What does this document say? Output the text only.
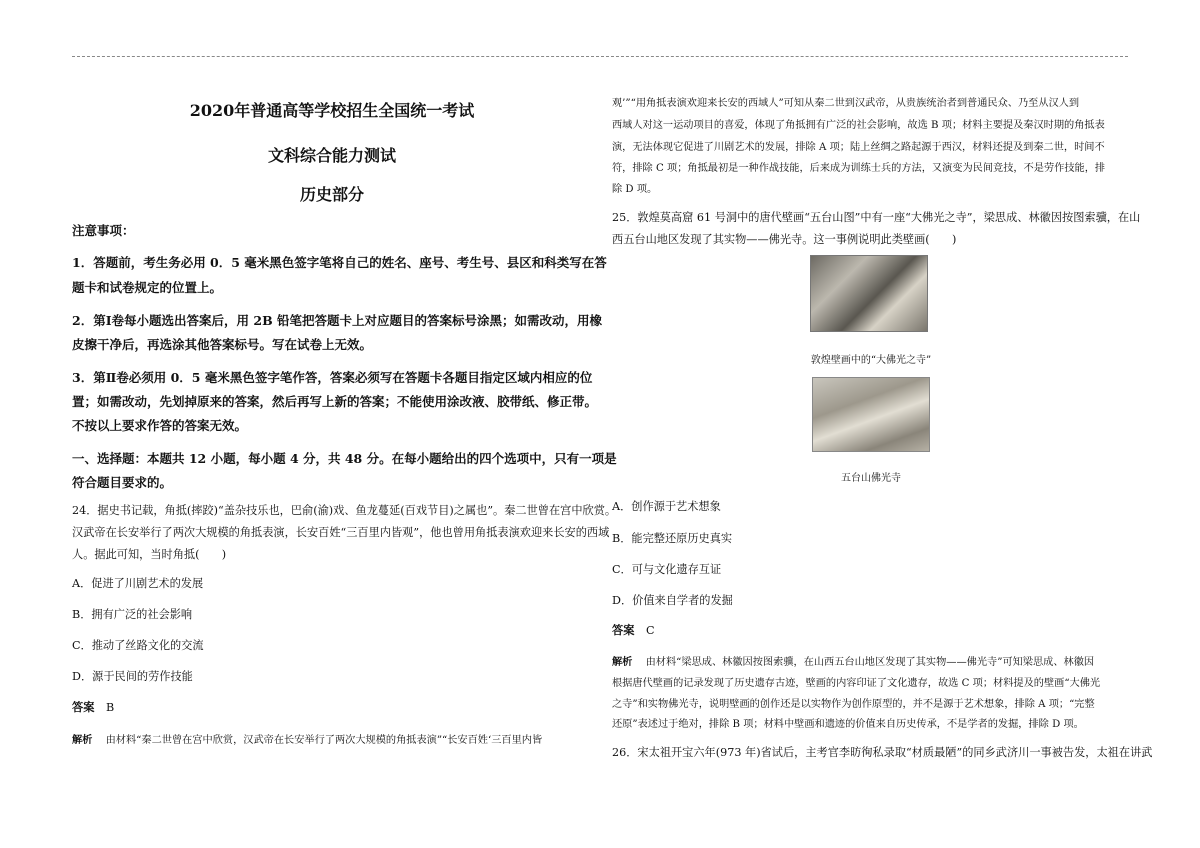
2020年普通高等学校招生全国统一考试
文科综合能力测试
历史部分
注意事项：
1．答题前，考生务必用 0．5 毫米黑色签字笔将自己的姓名、座号、考生号、县区和科类写在答
题卡和试卷规定的位置上。
2．第Ⅰ卷每小题选出答案后，用 2B 铅笔把答题卡上对应题目的答案标号涂黑；如需改动，用橡
皮擦干净后，再选涂其他答案标号。写在试卷上无效。
3．第Ⅱ卷必须用 0．5 毫米黑色签字笔作答，答案必须写在答题卡各题目指定区域内相应的位
置；如需改动，先划掉原来的答案，然后再写上新的答案；不能使用涂改液、胶带纸、修正带。
不按以上要求作答的答案无效。
一、选择题：本题共 12 小题，每小题 4 分，共 48 分。在每小题给出的四个选项中，只有一项是
符合题目要求的。
24．据史书记载，角抵(摔跤)“盖杂技乐也，巴俞(渝)戏、鱼龙蔓延(百戏节目)之属也”。秦二世曾在宫中欣赏。
汉武帝在长安举行了两次大规模的角抵表演，长安百姓“三百里内皆观”，他也曾用角抵表演欢迎来长安的西域
人。据此可知，当时角抵(　　)
A．促进了川剧艺术的发展
B．拥有广泛的社会影响
C．推动了丝路文化的交流
D．源于民间的劳作技能
答案 B
解析 由材料“秦二世曾在宫中欣赏，汉武帝在长安举行了两次大规模的角抵表演”“长安百姓‘三百里内皆
观’”“用角抵表演欢迎来长安的西域人”可知从秦二世到汉武帝，从贵族统治者到普通民众、乃至从汉人到
西域人对这一运动项目的喜爱，体现了角抵拥有广泛的社会影响，故选 B 项；材料主要提及秦汉时期的角抵表
演，无法体现它促进了川剧艺术的发展，排除 A 项；陆上丝绸之路起源于西汉，材料还提及到秦二世，时间不
符，排除 C 项；角抵最初是一种作战技能，后来成为训练士兵的方法，又演变为民间竞技，不是劳作技能，排
除 D 项。
25．敦煌莫高窟 61 号洞中的唐代壁画“五台山图”中有一座“大佛光之寺”，梁思成、林徽因按图索骥，在山
西五台山地区发现了其实物——佛光寺。这一事例说明此类壁画(　　)
敦煌壁画中的“大佛光之寺”
五台山佛光寺
A．创作源于艺术想象
B．能完整还原历史真实
C．可与文化遗存互证
D．价值来自学者的发掘
答案 C
解析 由材料“梁思成、林徽因按图索骥，在山西五台山地区发现了其实物——佛光寺”可知梁思成、林徽因
根据唐代壁画的记录发现了历史遗存古迹，壁画的内容印证了文化遗存，故选 C 项；材料提及的壁画“大佛光
之寺”和实物佛光寺，说明壁画的创作还是以实物作为创作原型的，并不是源于艺术想象，排除 A 项；“完整
还原”表述过于绝对，排除 B 项；材料中壁画和遗迹的价值来自历史传承，不是学者的发掘，排除 D 项。
26．宋太祖开宝六年(973 年)省试后，主考官李昉徇私录取“材质最陋”的同乡武济川一事被告发，太祖在讲武
